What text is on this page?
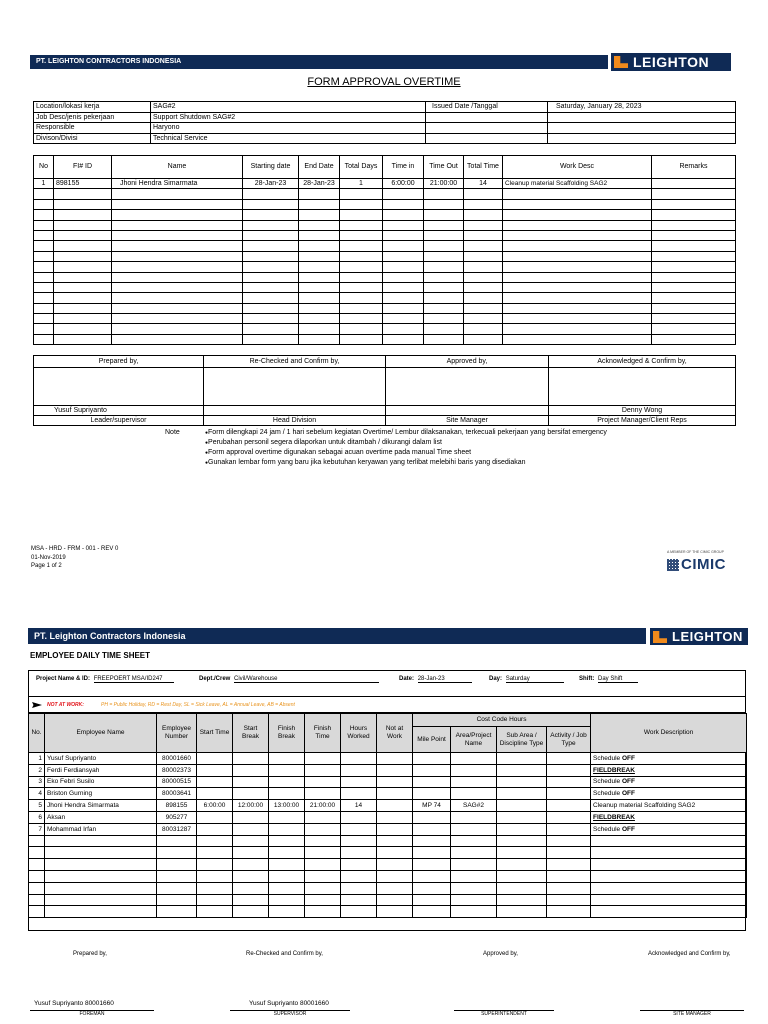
PT. LEIGHTON CONTRACTORS INDONESIA	LEIGHTON
FORM APPROVAL OVERTIME
Location/lokasi kerja	SAG#2	Issued Date /Tanggal	Saturday, January 28, 2023
Job Desc/jenis pekerjaan	Support Shutdown SAG#2		
Responsible	Haryono		
Divison/Divisi	Technical Service		
No	FI# ID	Name	Starting date	End Date	Total Days	Time in	Time Out	Total Time	Work Desc	Remarks
1	898155	Jhoni Hendra Simarmata	28-Jan-23	28-Jan-23	1	6:00:00	21:00:00	14	Cleanup material Scaffolding SAG2	

Prepared by,	Re-Checked and Confirm by,	Approved by,	Acknowledged & Confirm by,

Yusuf Supriyanto			Denny Wong
Leader/supervisor	Head Division	Site Manager	Project Manager/Client Reps
Note	● Form dilengkapi 24 jam / 1 hari sebelum kegiatan Overtime/ Lembur dilaksanakan, terkecuali pekerjaan yang bersifat emergency
● Perubahan personil segera dilaporkan untuk ditambah / dikurangi dalam list
● Form approval overtime digunakan sebagai acuan overtime pada manual Time sheet
● Gunakan lembar form yang baru jika kebutuhan keryawan yang terlibat melebihi baris yang disediakan
MSA - HRD - FRM - 001 - REV 0
01-Nov-2019
Page 1 of 2
A MEMBER OF THE CIMIC GROUP
CIMIC
PT. Leighton Contractors Indonesia	LEIGHTON
EMPLOYEE DAILY TIME SHEET
Project Name & ID: FREEPOERT MSA/ID247	Dept./Crew Civil/Warehouse	Date: 28-Jan-23	Day: Saturday	Shift: Day Shift
NOT AT WORK:	PH = Public Holiday, RD = Rest Day, SL = Sick Leave, AL = Annual Leave, AB = Absent
No.	Employee Name	Employee Number	Start Time	Start Break	Finish Break	Finish Time	Hours Worked	Not at Work	Cost Code Hours				Work Description
									Mile Point	Area/Project Name	Sub Area / Discipline Type	Activity / Job Type	
1	Yusuf Supriyanto	80001660											Schedule OFF
2	Ferdi Ferdiansyah	80002373											FIELDBREAK
3	Eko Febri Susilo	80000515											Schedule OFF
4	Briston Gurning	80003641											Schedule OFF
5	Jhoni Hendra Simarmata	898155	6:00:00	12:00:00	13:00:00	21:00:00	14		MP 74	SAG#2			Cleanup material Scaffolding SAG2
6	Aksan	905277											FIELDBREAK
7	Mohammad Irfan	80031287											Schedule OFF

Prepared by,	Re-Checked and Confirm by,	Approved by,	Acknowledged and Confirm by,
Yusuf Supriyanto 80001660	Yusuf Supriyanto 80001660
FOREMAN	SUPERVISOR	SUPERINTENDENT	SITE MANAGER
